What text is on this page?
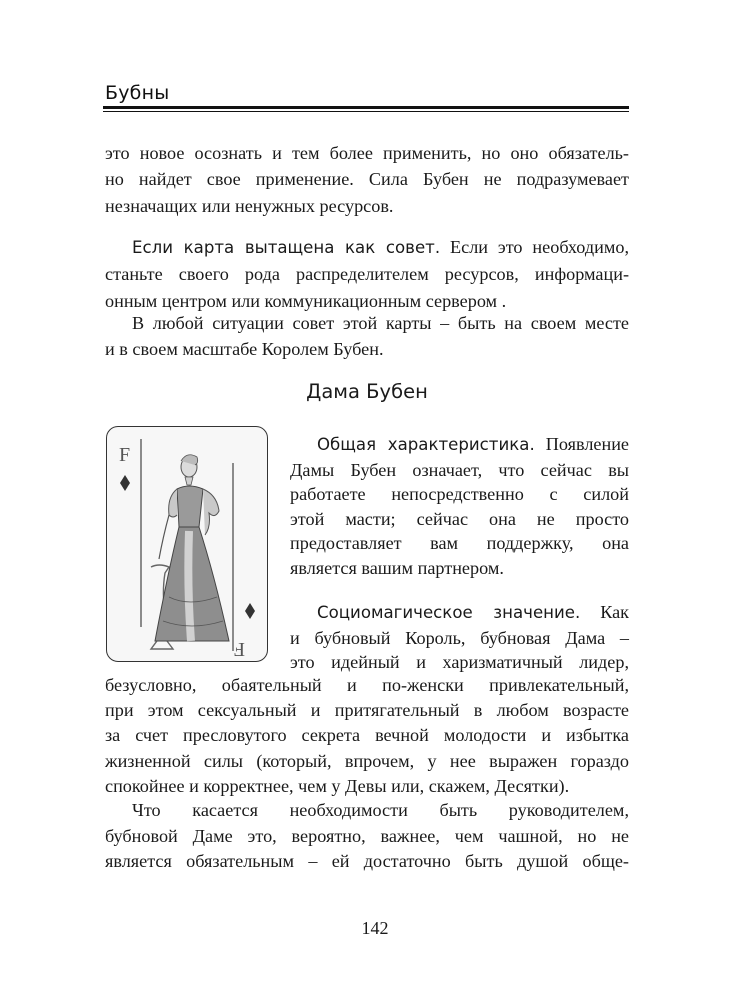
Бубны
это новое осознать и тем более применить, но оно обязатель-
но найдет свое применение. Сила Бубен не подразумевает
незначащих или ненужных ресурсов.
Если карта вытащена как совет. Если это необходимо,
станьте своего рода распределителем ресурсов, информаци-
онным центром или коммуникационным сервером .
В любой ситуации совет этой карты – быть на своем месте
и в своем масштабе Королем Бубен.
Дама Бубен
F
F
Общая характеристика. Появление
Дамы Бубен означает, что сейчас вы
работаете непосредственно с силой
этой масти; сейчас она не просто
предоставляет вам поддержку, она
является вашим партнером.
Социомагическое значение. Как
и бубновый Король, бубновая Дама –
это идейный и харизматичный лидер,
безусловно, обаятельный и по-женски привлекательный,
при этом сексуальный и притягательный в любом возрасте
за счет пресловутого секрета вечной молодости и избытка
жизненной силы (который, впрочем, у нее выражен гораздо
спокойнее и корректнее, чем у Девы или, скажем, Десятки).
Что касается необходимости быть руководителем,
бубновой Даме это, вероятно, важнее, чем чашной, но не
является обязательным – ей достаточно быть душой обще-
142
